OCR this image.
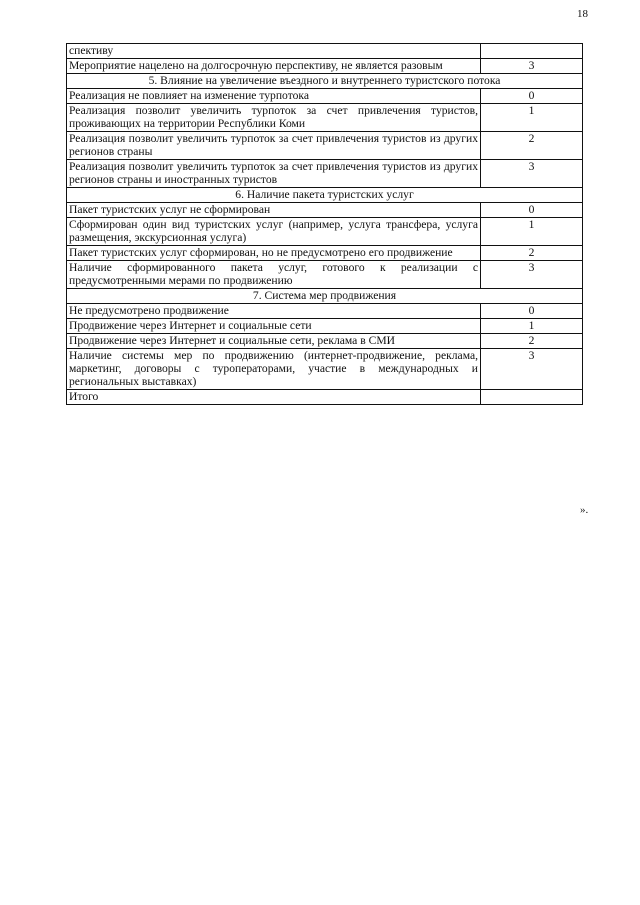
18
спективу	
Мероприятие нацелено на долгосрочную перспективу, не является разовым	3
5. Влияние на увеличение въездного и внутреннего туристского потока	
Реализация не повлияет на изменение турпотока	0
Реализация позволит увеличить турпоток за счет привлечения туристов, проживающих на территории Республики Коми	1
Реализация позволит увеличить турпоток за счет привлечения туристов из других регионов страны	2
Реализация позволит увеличить турпоток за счет привлечения туристов из других регионов страны и иностранных туристов	3
6. Наличие пакета туристских услуг	
Пакет туристских услуг не сформирован	0
Сформирован один вид туристских услуг (например, услуга трансфера, услуга размещения, экскурсионная услуга)	1
Пакет туристских услуг сформирован, но не предусмотрено его продвижение	2
Наличие сформированного пакета услуг, готового к реализации с предусмотренными мерами по продвижению	3
7. Система мер продвижения	
Не предусмотрено продвижение	0
Продвижение через Интернет и социальные сети	1
Продвижение через Интернет и социальные сети, реклама в СМИ	2
Наличие системы мер по продвижению (интернет-продвижение, реклама, маркетинг, договоры с туроператорами, участие в международных и региональных выставках)	3
Итого	
».
